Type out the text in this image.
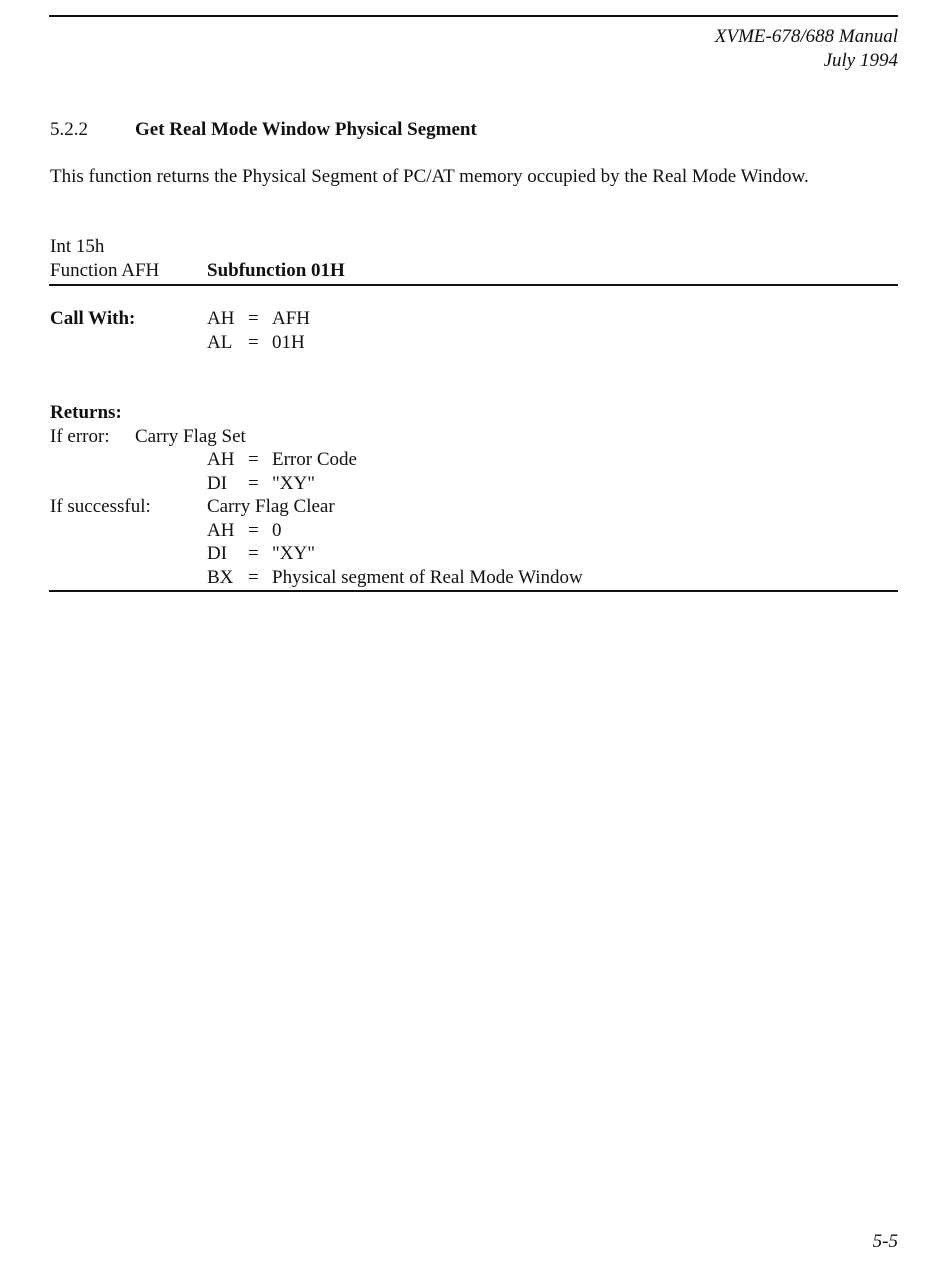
XVME-678/688 Manual
July 1994
5.2.2 Get Real Mode Window Physical Segment
This function returns the Physical Segment of PC/AT memory occupied by the Real Mode Window.
Int 15h
Function AFH	Subfunction 01H
Call With:	AH = AFH
AL = 01H
Returns:
If error: Carry Flag Set
AH = Error Code
DI = "XY"
If successful:	Carry Flag Clear
AH = 0
DI = "XY"
BX = Physical segment of Real Mode Window
5-5
